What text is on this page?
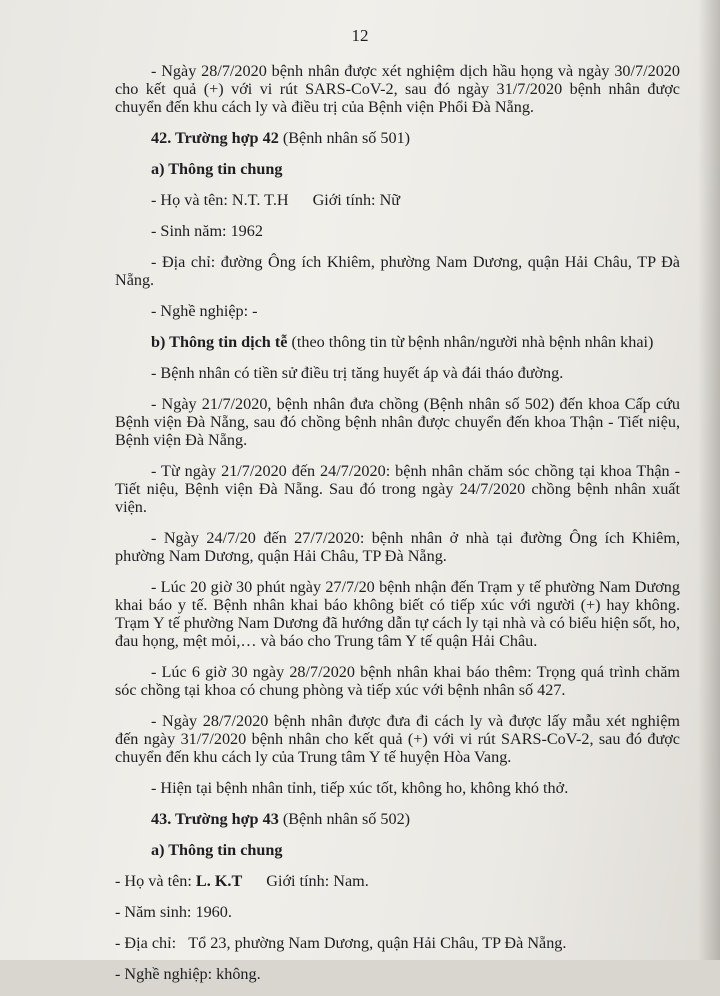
12

- Ngày 28/7/2020 bệnh nhân được xét nghiệm dịch hầu họng và ngày 30/7/2020 cho kết quả (+) với vi rút SARS-CoV-2, sau đó ngày 31/7/2020 bệnh nhân được chuyển đến khu cách ly và điều trị của Bệnh viện Phổi Đà Nẵng.

42. Trường hợp 42 (Bệnh nhân số 501)

a) Thông tin chung

- Họ và tên: N.T. T.H Giới tính: Nữ

- Sinh năm: 1962

- Địa chỉ: đường Ông ích Khiêm, phường Nam Dương, quận Hải Châu, TP Đà Nẵng.

- Nghề nghiệp: -

b) Thông tin dịch tễ (theo thông tin từ bệnh nhân/người nhà bệnh nhân khai)

- Bệnh nhân có tiền sử điều trị tăng huyết áp và đái tháo đường.

- Ngày 21/7/2020, bệnh nhân đưa chồng (Bệnh nhân số 502) đến khoa Cấp cứu Bệnh viện Đà Nẵng, sau đó chồng bệnh nhân được chuyển đến khoa Thận - Tiết niệu, Bệnh viện Đà Nẵng.

- Từ ngày 21/7/2020 đến 24/7/2020: bệnh nhân chăm sóc chồng tại khoa Thận - Tiết niệu, Bệnh viện Đà Nẵng. Sau đó trong ngày 24/7/2020 chồng bệnh nhân xuất viện.

- Ngày 24/7/20 đến 27/7/2020: bệnh nhân ở nhà tại đường Ông ích Khiêm, phường Nam Dương, quận Hải Châu, TP Đà Nẵng.

- Lúc 20 giờ 30 phút ngày 27/7/20 bệnh nhận đến Trạm y tế phường Nam Dương khai báo y tế. Bệnh nhân khai báo không biết có tiếp xúc với người (+) hay không. Trạm Y tế phường Nam Dương đã hướng dẫn tự cách ly tại nhà và có biểu hiện sốt, ho, đau họng, mệt mỏi,… và báo cho Trung tâm Y tế quận Hải Châu.

- Lúc 6 giờ 30 ngày 28/7/2020 bệnh nhân khai báo thêm: Trọng quá trình chăm sóc chồng tại khoa có chung phòng và tiếp xúc với bệnh nhân số 427.

- Ngày 28/7/2020 bệnh nhân được đưa đi cách ly và được lấy mẫu xét nghiệm đến ngày 31/7/2020 bệnh nhân cho kết quả (+) với vi rút SARS-CoV-2, sau đó được chuyển đến khu cách ly của Trung tâm Y tế huyện Hòa Vang.

- Hiện tại bệnh nhân tỉnh, tiếp xúc tốt, không ho, không khó thở.

43. Trường hợp 43 (Bệnh nhân số 502)

a) Thông tin chung

- Họ và tên: L. K.T Giới tính: Nam.

- Năm sinh: 1960.

- Địa chỉ: Tổ 23, phường Nam Dương, quận Hải Châu, TP Đà Nẵng.

- Nghề nghiệp: không.
